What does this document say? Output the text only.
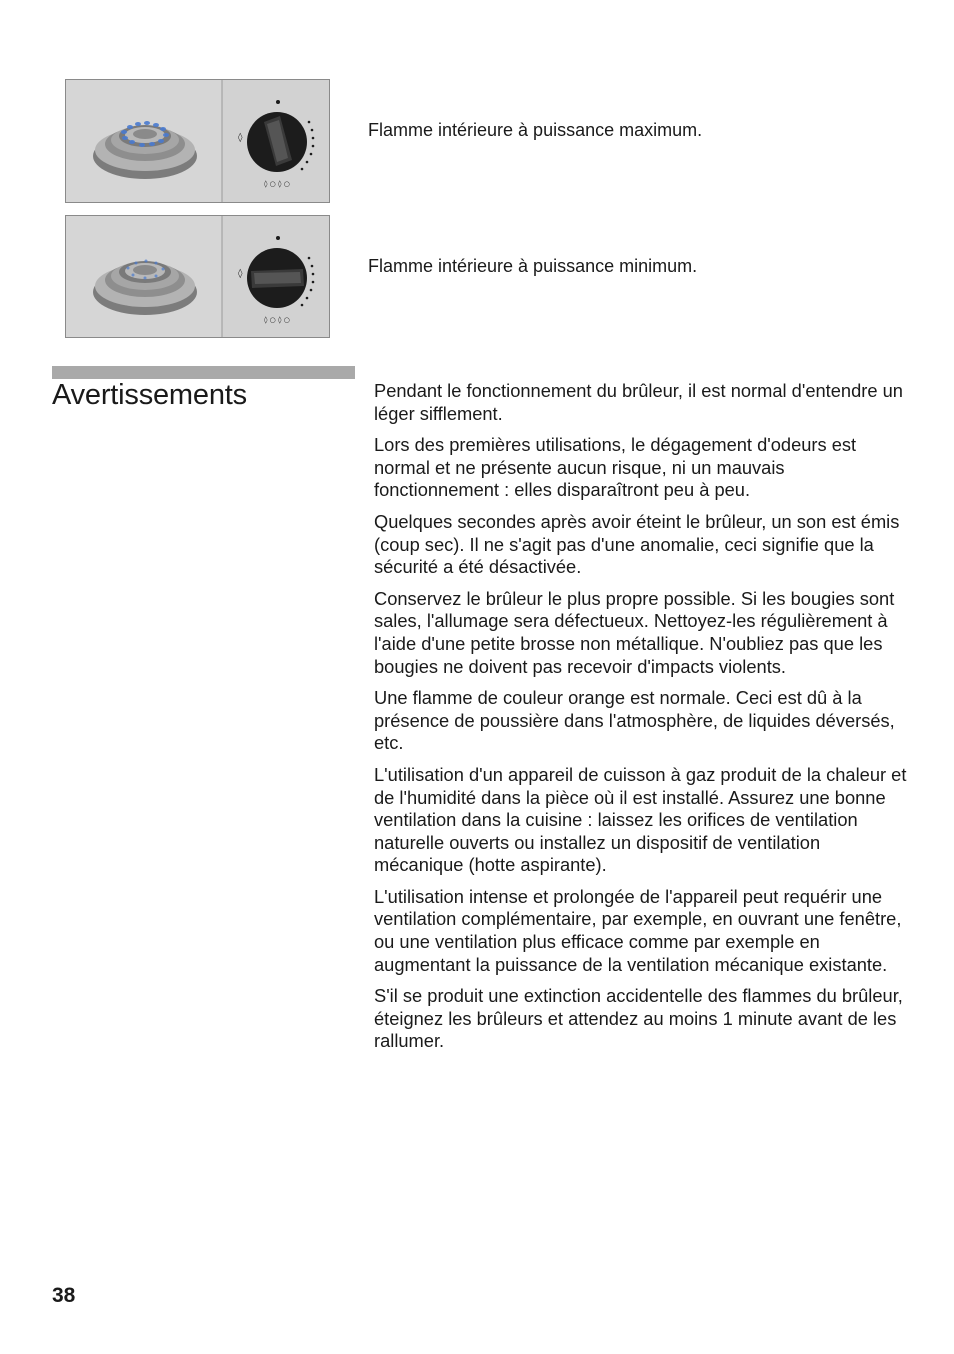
◊
◊ ○ ◊ ○
Flamme intérieure à puissance maximum.
◊
◊ ○ ◊ ○
Flamme intérieure à puissance minimum.
Avertissements	Pendant le fonctionnement du brûleur, il est normal d'entendre un léger sifflement.

Lors des premières utilisations, le dégagement d'odeurs est normal et ne présente aucun risque, ni un mauvais fonctionnement : elles disparaîtront peu à peu.

Quelques secondes après avoir éteint le brûleur, un son est émis (coup sec). Il ne s'agit pas d'une anomalie, ceci signifie que la sécurité a été désactivée.

Conservez le brûleur le plus propre possible. Si les bougies sont sales, l'allumage sera défectueux. Nettoyez-les régulièrement à l'aide d'une petite brosse non métallique. N'oubliez pas que les bougies ne doivent pas recevoir d'impacts violents.

Une flamme de couleur orange est normale. Ceci est dû à la présence de poussière dans l'atmosphère, de liquides déversés, etc.

L'utilisation d'un appareil de cuisson à gaz produit de la chaleur et de l'humidité dans la pièce où il est installé. Assurez une bonne ventilation dans la cuisine : laissez les orifices de ventilation naturelle ouverts ou installez un dispositif de ventilation mécanique (hotte aspirante).

L'utilisation intense et prolongée de l'appareil peut requérir une ventilation complémentaire, par exemple, en ouvrant une fenêtre, ou une ventilation plus efficace comme par exemple en augmentant la puissance de la ventilation mécanique existante.

S'il se produit une extinction accidentelle des flammes du brûleur, éteignez les brûleurs et attendez au moins 1 minute avant de les rallumer.

38
